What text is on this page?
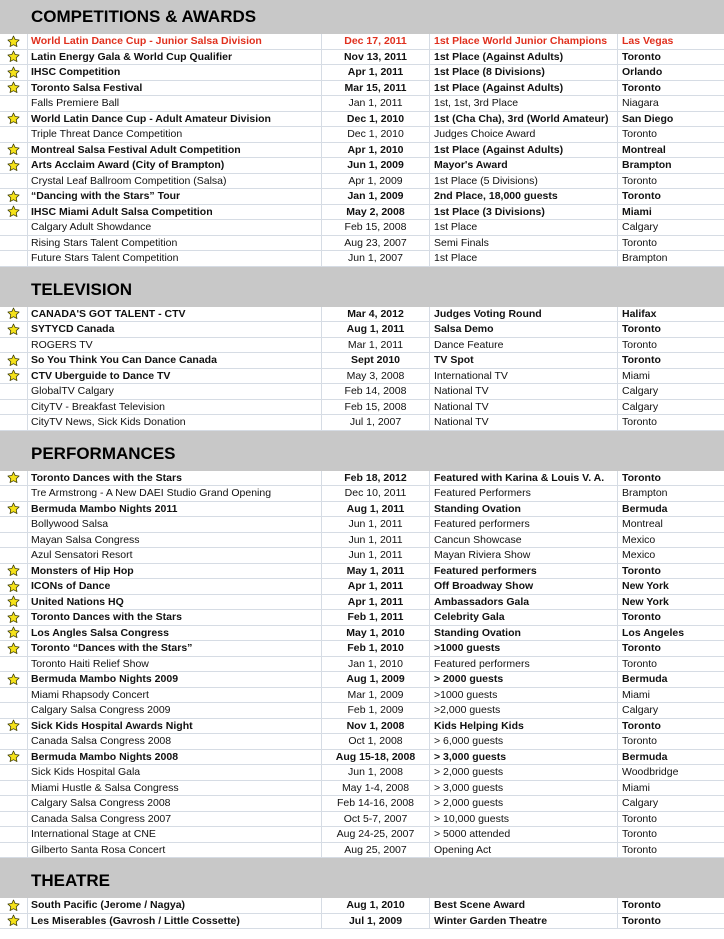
COMPETITIONS & AWARDS
World Latin Dance Cup - Junior Salsa Division	Dec 17, 2011	1st Place World Junior Champions	Las Vegas
Latin Energy Gala & World Cup Qualifier	Nov 13, 2011	1st Place (Against Adults)	Toronto
IHSC Competition	Apr 1, 2011	1st Place (8 Divisions)	Orlando
Toronto Salsa Festival	Mar 15, 2011	1st Place (Against Adults)	Toronto
Falls Premiere Ball	Jan 1, 2011	1st, 1st, 3rd Place	Niagara
World Latin Dance Cup - Adult Amateur Division	Dec 1, 2010	1st (Cha Cha), 3rd (World Amateur)	San Diego
Triple Threat Dance Competition	Dec 1, 2010	Judges Choice Award	Toronto
Montreal Salsa Festival Adult Competition	Apr 1, 2010	1st Place (Against Adults)	Montreal
Arts Acclaim Award (City of Brampton)	Jun 1, 2009	Mayor's Award	Brampton
Crystal Leaf Ballroom Competition (Salsa)	Apr 1, 2009	1st Place (5 Divisions)	Toronto
“Dancing with the Stars” Tour	Jan 1, 2009	2nd Place, 18,000 guests	Toronto
IHSC Miami Adult Salsa Competition	May 2, 2008	1st Place (3 Divisions)	Miami
Calgary Adult Showdance	Feb 15, 2008	1st Place	Calgary
Rising Stars Talent Competition	Aug 23, 2007	Semi Finals	Toronto
Future Stars Talent Competition	Jun 1, 2007	1st Place	Brampton
TELEVISION
CANADA'S GOT TALENT - CTV	Mar 4, 2012	Judges Voting Round	Halifax
SYTYCD Canada	Aug 1, 2011	Salsa Demo	Toronto
ROGERS TV	Mar 1, 2011	Dance Feature	Toronto
So You Think You Can Dance Canada	Sept 2010	TV Spot	Toronto
CTV Uberguide to Dance TV	May 3, 2008	International TV	Miami
GlobalTV Calgary	Feb 14, 2008	National TV	Calgary
CityTV - Breakfast Television	Feb 15, 2008	National TV	Calgary
CityTV News, Sick Kids Donation	Jul 1, 2007	National TV	Toronto
PERFORMANCES
Toronto Dances with the Stars	Feb 18, 2012	Featured with Karina & Louis V. A.	Toronto
Tre Armstrong - A New DAEI Studio Grand Opening	Dec 10, 2011	Featured Performers	Brampton
Bermuda Mambo Nights 2011	Aug 1, 2011	Standing Ovation	Bermuda
Bollywood Salsa	Jun 1, 2011	Featured performers	Montreal
Mayan Salsa Congress	Jun 1, 2011	Cancun Showcase	Mexico
Azul Sensatori Resort	Jun 1, 2011	Mayan Riviera Show	Mexico
Monsters of Hip Hop	May 1, 2011	Featured performers	Toronto
ICONs of Dance	Apr 1, 2011	Off Broadway Show	New York
United Nations HQ	Apr 1, 2011	Ambassadors Gala	New York
Toronto Dances with the Stars	Feb 1, 2011	Celebrity Gala	Toronto
Los Angles Salsa Congress	May 1, 2010	Standing Ovation	Los Angeles
Toronto “Dances with the Stars”	Feb 1, 2010	>1000 guests	Toronto
Toronto Haiti Relief Show	Jan 1, 2010	Featured performers	Toronto
Bermuda Mambo Nights 2009	Aug 1, 2009	> 2000 guests	Bermuda
Miami Rhapsody Concert	Mar 1, 2009	>1000 guests	Miami
Calgary Salsa Congress 2009	Feb 1, 2009	>2,000 guests	Calgary
Sick Kids Hospital Awards Night	Nov 1, 2008	Kids Helping Kids	Toronto
Canada Salsa Congress 2008	Oct 1, 2008	> 6,000 guests	Toronto
Bermuda Mambo Nights 2008	Aug 15-18, 2008	> 3,000 guests	Bermuda
Sick Kids Hospital Gala	Jun 1, 2008	> 2,000 guests	Woodbridge
Miami Hustle & Salsa Congress	May 1-4, 2008	> 3,000 guests	Miami
Calgary Salsa Congress 2008	Feb 14-16, 2008	> 2,000 guests	Calgary
Canada Salsa Congress 2007	Oct 5-7, 2007	> 10,000 guests	Toronto
International Stage at CNE	Aug 24-25, 2007	> 5000 attended	Toronto
Gilberto Santa Rosa Concert	Aug 25, 2007	Opening Act	Toronto
THEATRE
South Pacific (Jerome / Nagya)	Aug 1, 2010	Best Scene Award	Toronto
Les Miserables (Gavrosh / Little Cossette)	Jul 1, 2009	Winter Garden Theatre	Toronto
